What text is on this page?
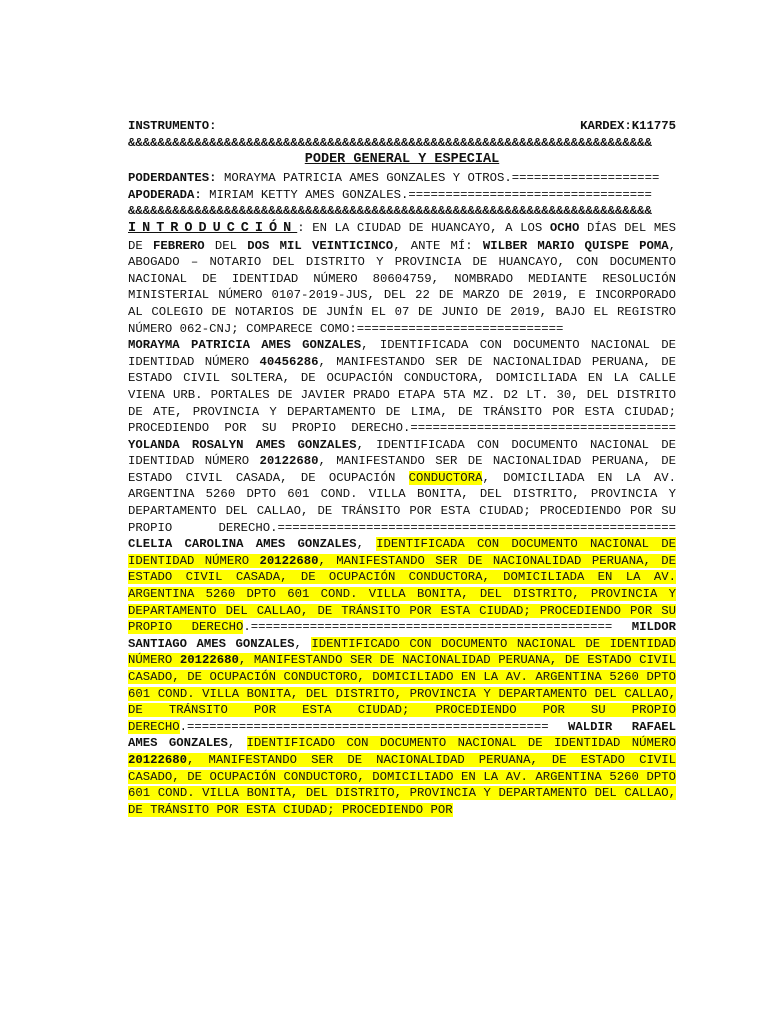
INSTRUMENTO:	KARDEX:K11775
&&&&&&&&&&&&&&&&&&&&&&&&&&&&&&&&&&&&&&&&&&&&&&&&&&&&&&&&&&&&&&&&&&&&&&&
PODER GENERAL Y ESPECIAL

PODERDANTES: MORAYMA PATRICIA AMES GONZALES Y OTROS.====================

APODERADA: MIRIAM KETTY AMES GONZALES.=================================

&&&&&&&&&&&&&&&&&&&&&&&&&&&&&&&&&&&&&&&&&&&&&&&&&&&&&&&&&&&&&&&&&&&&&&&

INTRODUCCIÓN: EN LA CIUDAD DE HUANCAYO, A LOS OCHO DÍAS DEL MES DE FEBRERO DEL DOS MIL VEINTICINCO, ANTE MÍ: WILBER MARIO QUISPE POMA, ABOGADO – NOTARIO DEL DISTRITO Y PROVINCIA DE HUANCAYO, CON DOCUMENTO NACIONAL DE IDENTIDAD NÚMERO 80604759, NOMBRADO MEDIANTE RESOLUCIÓN MINISTERIAL NÚMERO 0107-2019-JUS, DEL 22 DE MARZO DE 2019, E INCORPORADO AL COLEGIO DE NOTARIOS DE JUNÍN EL 07 DE JUNIO DE 2019, BAJO EL REGISTRO NÚMERO 062-CNJ; COMPARECE COMO:============================

MORAYMA PATRICIA AMES GONZALES, IDENTIFICADA CON DOCUMENTO NACIONAL DE IDENTIDAD NÚMERO 40456286, MANIFESTANDO SER DE NACIONALIDAD PERUANA, DE ESTADO CIVIL SOLTERA, DE OCUPACIÓN CONDUCTORA, DOMICILIADA EN LA CALLE VIENA URB. PORTALES DE JAVIER PRADO ETAPA 5TA MZ. D2 LT. 30, DEL DISTRITO DE ATE, PROVINCIA Y DEPARTAMENTO DE LIMA, DE TRÁNSITO POR ESTA CIUDAD; PROCEDIENDO POR SU PROPIO DERECHO.==================================== YOLANDA ROSALYN AMES GONZALES, IDENTIFICADA CON DOCUMENTO NACIONAL DE IDENTIDAD NÚMERO 20122680, MANIFESTANDO SER DE NACIONALIDAD PERUANA, DE ESTADO CIVIL CASADA, DE OCUPACIÓN CONDUCTORA, DOMICILIADA EN LA AV. ARGENTINA 5260 DPTO 601 COND. VILLA BONITA, DEL DISTRITO, PROVINCIA Y DEPARTAMENTO DEL CALLAO, DE TRÁNSITO POR ESTA CIUDAD; PROCEDIENDO POR SU PROPIO DERECHO.====================================================== CLELIA CAROLINA AMES GONZALES, IDENTIFICADA CON DOCUMENTO NACIONAL DE IDENTIDAD NÚMERO 20122680, MANIFESTANDO SER DE NACIONALIDAD PERUANA, DE ESTADO CIVIL CASADA, DE OCUPACIÓN CONDUCTORA, DOMICILIADA EN LA AV. ARGENTINA 5260 DPTO 601 COND. VILLA BONITA, DEL DISTRITO, PROVINCIA Y DEPARTAMENTO DEL CALLAO, DE TRÁNSITO POR ESTA CIUDAD; PROCEDIENDO POR SU PROPIO DERECHO.================================================= MILDOR SANTIAGO AMES GONZALES, IDENTIFICADO CON DOCUMENTO NACIONAL DE IDENTIDAD NÚMERO 20122680, MANIFESTANDO SER DE NACIONALIDAD PERUANA, DE ESTADO CIVIL CASADO, DE OCUPACIÓN CONDUCTORO, DOMICILIADO EN LA AV. ARGENTINA 5260 DPTO 601 COND. VILLA BONITA, DEL DISTRITO, PROVINCIA Y DEPARTAMENTO DEL CALLAO, DE TRÁNSITO POR ESTA CIUDAD; PROCEDIENDO POR SU PROPIO DERECHO.================================================= WALDIR RAFAEL AMES GONZALES, IDENTIFICADO CON DOCUMENTO NACIONAL DE IDENTIDAD NÚMERO 20122680, MANIFESTANDO SER DE NACIONALIDAD PERUANA, DE ESTADO CIVIL CASADO, DE OCUPACIÓN CONDUCTORO, DOMICILIADO EN LA AV. ARGENTINA 5260 DPTO 601 COND. VILLA BONITA, DEL DISTRITO, PROVINCIA Y DEPARTAMENTO DEL CALLAO, DE TRÁNSITO POR ESTA CIUDAD; PROCEDIENDO POR
